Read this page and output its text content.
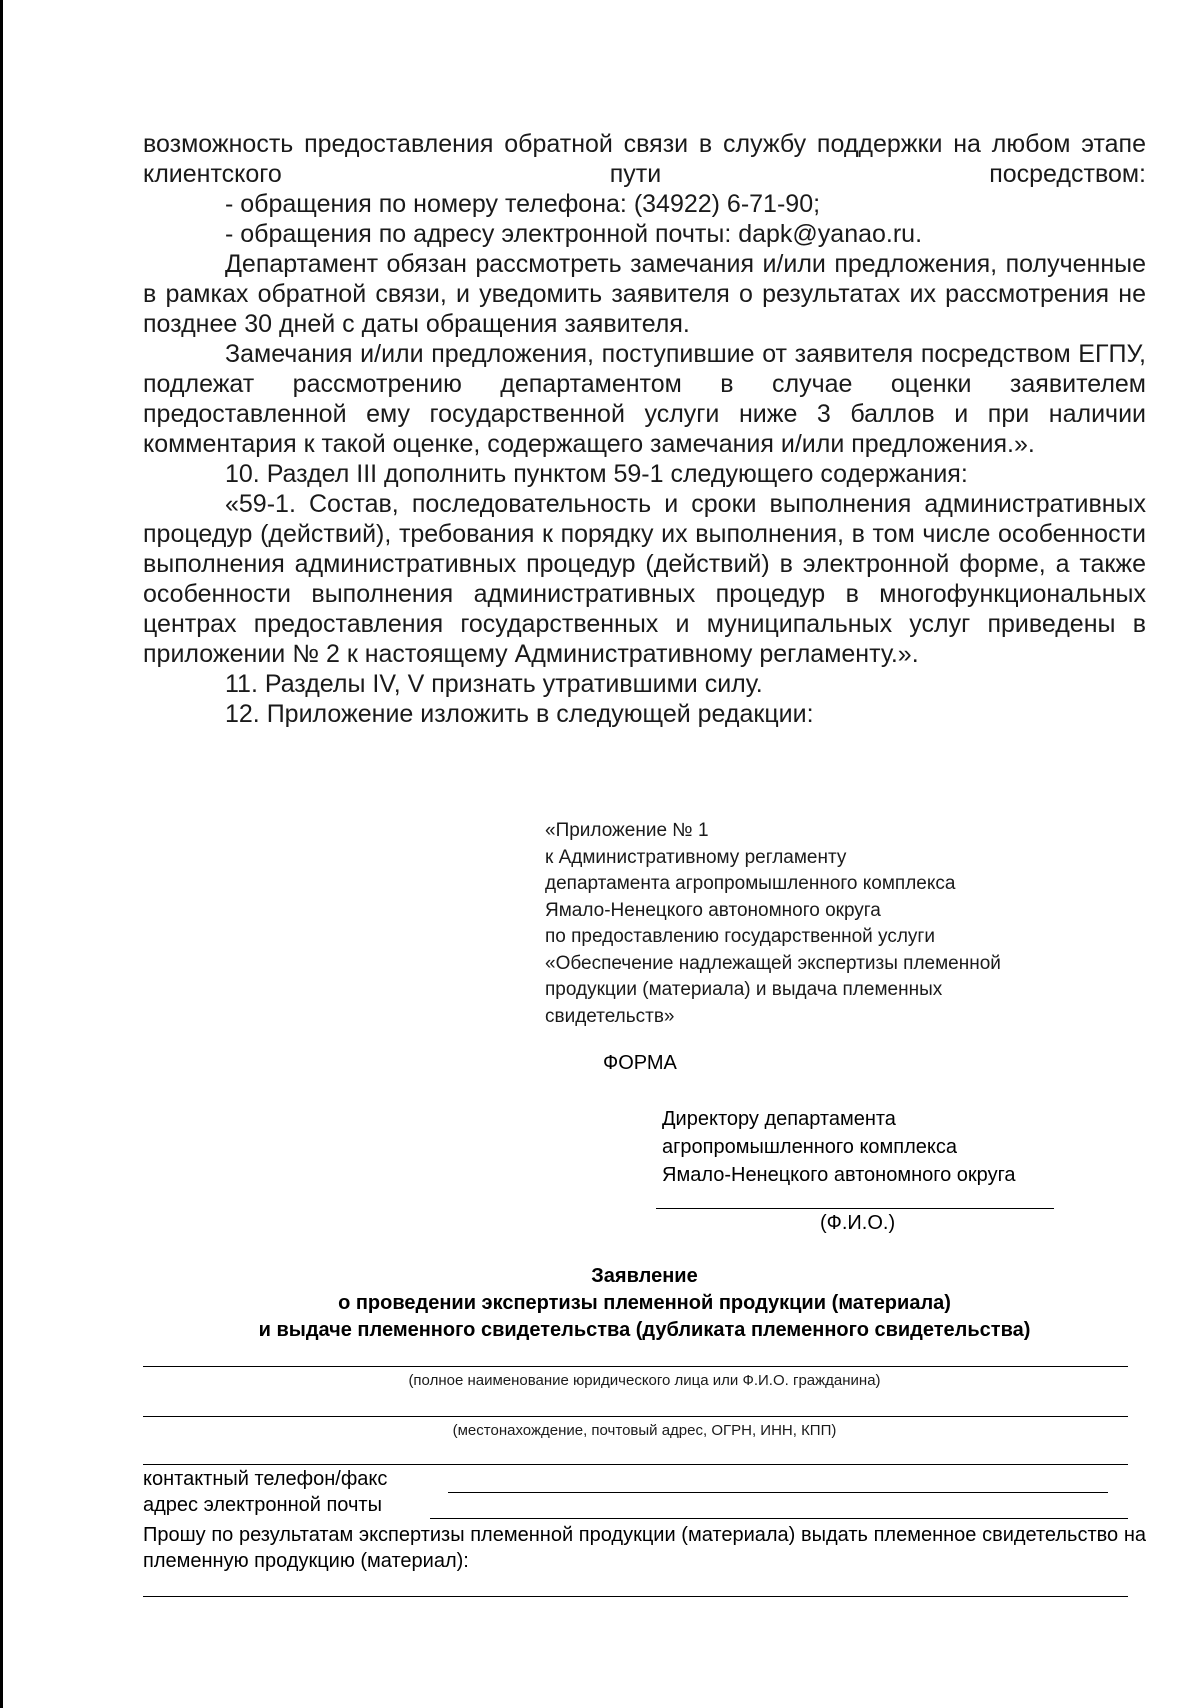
возможность предоставления обратной связи в службу поддержки на любом этапе клиентского пути посредством:

- обращения по номеру телефона: (34922) 6-71-90;

- обращения по адресу электронной почты: dapk@yanao.ru.

Департамент обязан рассмотреть замечания и/или предложения, полученные в рамках обратной связи, и уведомить заявителя о результатах их рассмотрения не позднее 30 дней с даты обращения заявителя.

Замечания и/или предложения, поступившие от заявителя посредством ЕГПУ, подлежат рассмотрению департаментом в случае оценки заявителем предоставленной ему государственной услуги ниже 3 баллов и при наличии комментария к такой оценке, содержащего замечания и/или предложения.».

10. Раздел III дополнить пунктом 59-1 следующего содержания:

«59-1. Состав, последовательность и сроки выполнения административных процедур (действий), требования к порядку их выполнения, в том числе особенности выполнения административных процедур (действий) в электронной форме, а также особенности выполнения административных процедур в многофункциональных центрах предоставления государственных и муниципальных услуг приведены в приложении № 2 к настоящему Административному регламенту.».

11. Разделы IV, V признать утратившими силу.

12. Приложение изложить в следующей редакции:

«Приложение № 1
к Административному регламенту
департамента агропромышленного комплекса
Ямало-Ненецкого автономного округа
по предоставлению государственной услуги
«Обеспечение надлежащей экспертизы племенной
продукции (материала) и выдача племенных
свидетельств»
ФОРМА
Директору департамента
агропромышленного комплекса
Ямало-Ненецкого автономного округа
(Ф.И.О.)
Заявление
о проведении экспертизы племенной продукции (материала)
и выдаче племенного свидетельства (дубликата племенного свидетельства)
(полное наименование юридического лица или Ф.И.О. гражданина)
(местонахождение, почтовый адрес, ОГРН, ИНН, КПП)
контактный телефон/факс
адрес электронной почты

Прошу по результатам экспертизы племенной продукции (материала) выдать племенное свидетельство на племенную продукцию (материал):
